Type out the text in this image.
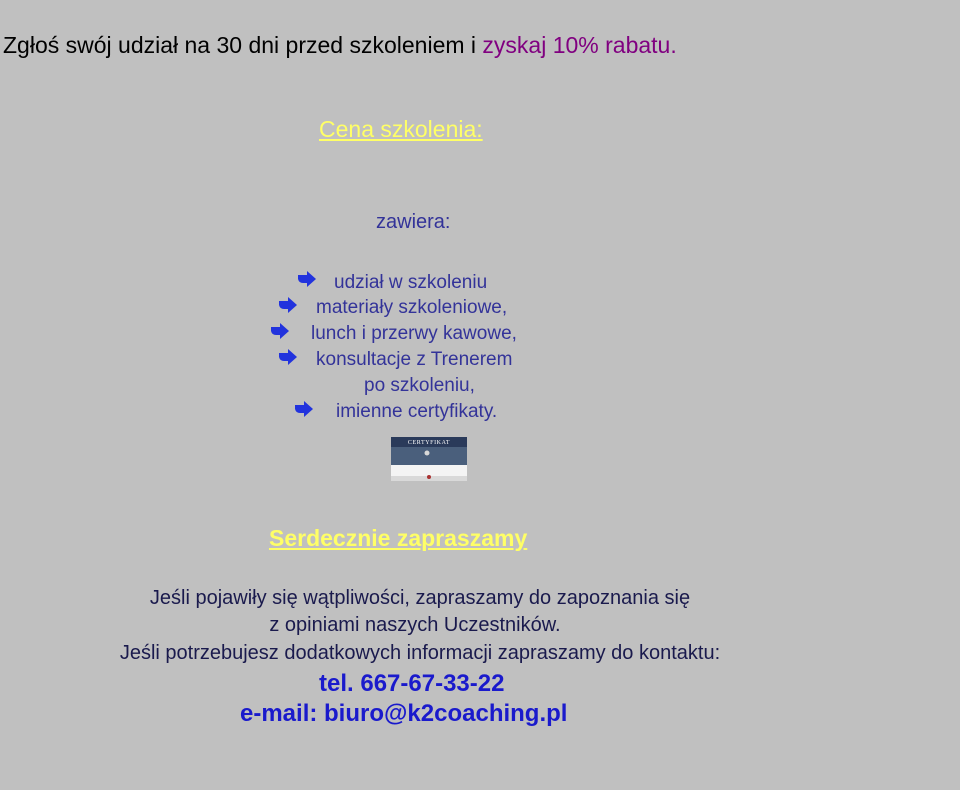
Zgłoś swój udział na 30 dni przed szkoleniem i zyskaj 10% rabatu.
Cena szkolenia:
zawiera:
udział w szkoleniu
materiały szkoleniowe,
lunch i przerwy kawowe,
konsultacje z Trenerem
po szkoleniu,
imienne certyfikaty.
CERTYFIKAT
Serdecznie zapraszamy
Jeśli pojawiły się wątpliwości, zapraszamy do zapoznania się
z opiniami naszych Uczestników.
Jeśli potrzebujesz dodatkowych informacji zapraszamy do kontaktu:
tel. 667-67-33-22
e-mail: biuro@k2coaching.pl
